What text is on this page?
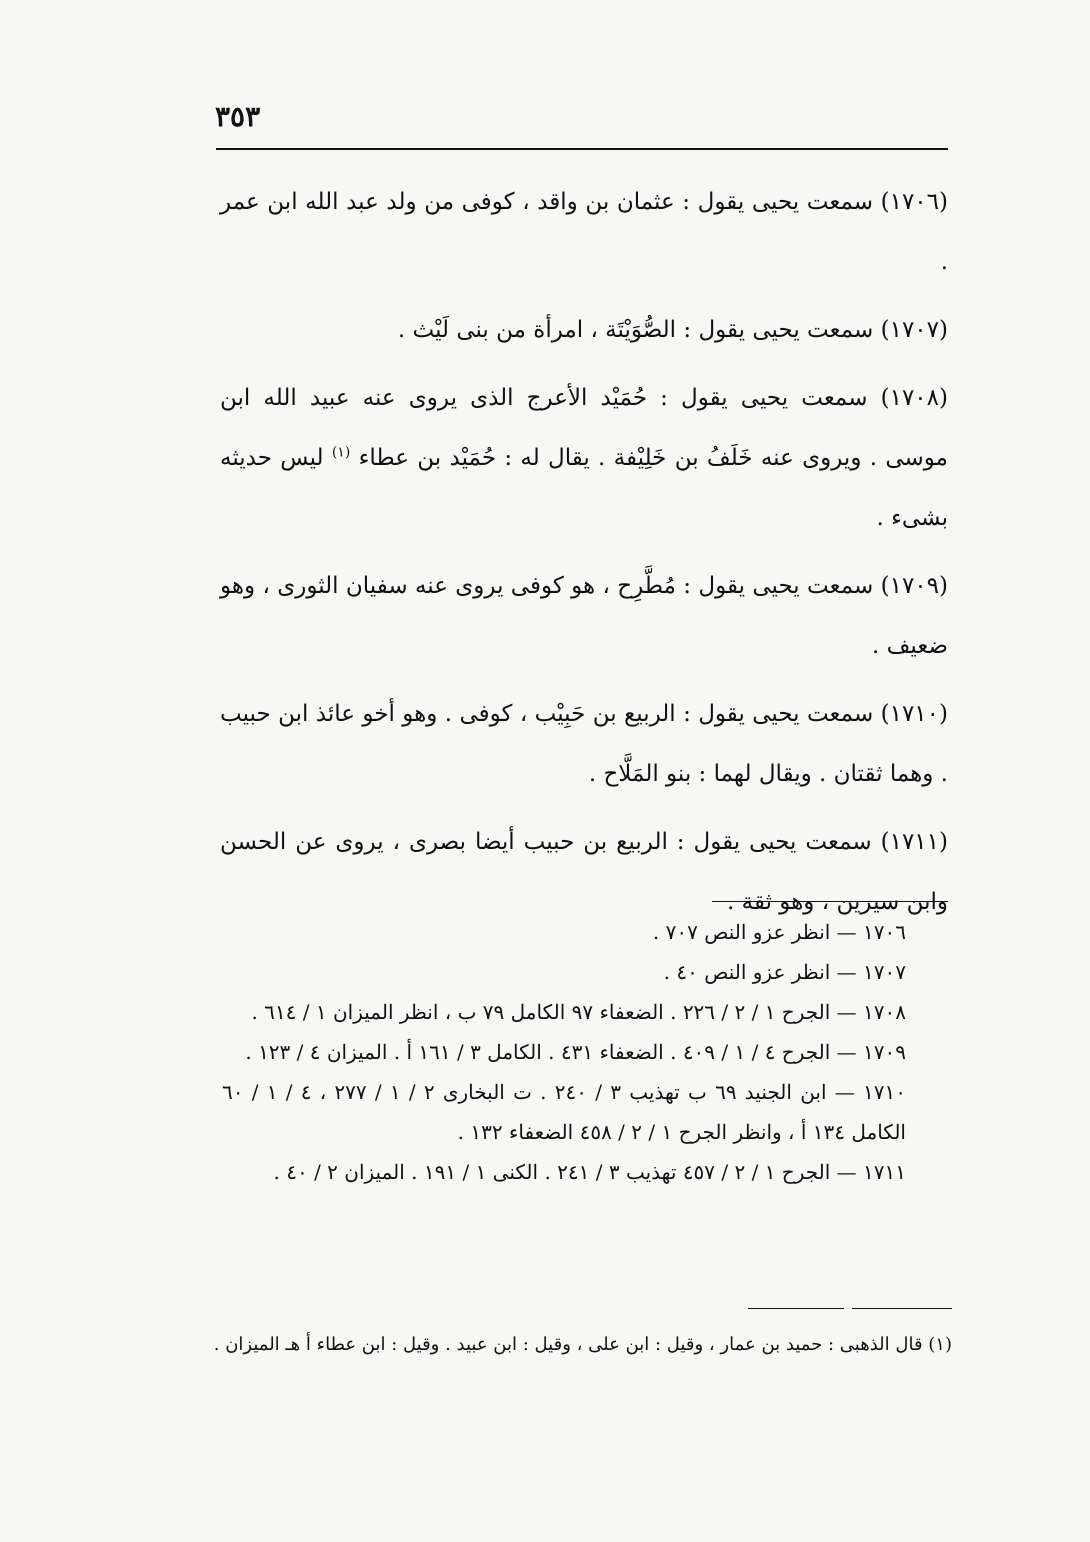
٣٥٣

(١٧٠٦) سمعت يحيى يقول : عثمان بن واقد ، كوفى من ولد عبد الله ابن عمر .

(١٧٠٧) سمعت يحيى يقول : الصُّوَيْتَة ، امرأة من بنى لَيْث .

(١٧٠٨) سمعت يحيى يقول : حُمَيْد الأعرج الذى يروى عنه عبيد الله ابن موسى . ويروى عنه خَلَفُ بن خَلِيْفة . يقال له : حُمَيْد بن عطاء $^{(١)}$ ليس حديثه بشىء .

(١٧٠٩) سمعت يحيى يقول : مُطَّرِح ، هو كوفى يروى عنه سفيان الثورى ، وهو ضعيف .

(١٧١٠) سمعت يحيى يقول : الربيع بن حَبِيْب ، كوفى . وهو أخو عائذ ابن حبيب . وهما ثقتان . ويقال لهما : بنو المَلَّاح .

(١٧١١) سمعت يحيى يقول : الربيع بن حبيب أيضا بصرى ، يروى عن الحسن وابن سيرين ، وهو ثقة .

١٧٠٦ — انظر عزو النص ٧٠٧ .

١٧٠٧ — انظر عزو النص ٤٠ .

١٧٠٨ — الجرح ١ / ٢ / ٢٢٦ . الضعفاء ٩٧ الكامل ٧٩ ب ، انظر الميزان ١ / ٦١٤ .

١٧٠٩ — الجرح ٤ / ١ / ٤٠٩ . الضعفاء ٤٣١ . الكامل ٣ / ١٦١ أ . الميزان ٤ / ١٢٣ .

١٧١٠ — ابن الجنيد ٦٩ ب تهذيب ٣ / ٢٤٠ . ت البخارى ٢ / ١ / ٢٧٧ ، ٤ / ١ / ٦٠ الكامل ١٣٤ أ ، وانظر الجرح ١ / ٢ / ٤٥٨ الضعفاء ١٣٢ .

١٧١١ — الجرح ١ / ٢ / ٤٥٧ تهذيب ٣ / ٢٤١ . الكنى ١ / ١٩١ . الميزان ٢ / ٤٠ .

(١) قال الذهبى : حميد بن عمار ، وقيل : ابن على ، وقيل : ابن عبيد . وقيل : ابن عطاء أ هـ الميزان .
